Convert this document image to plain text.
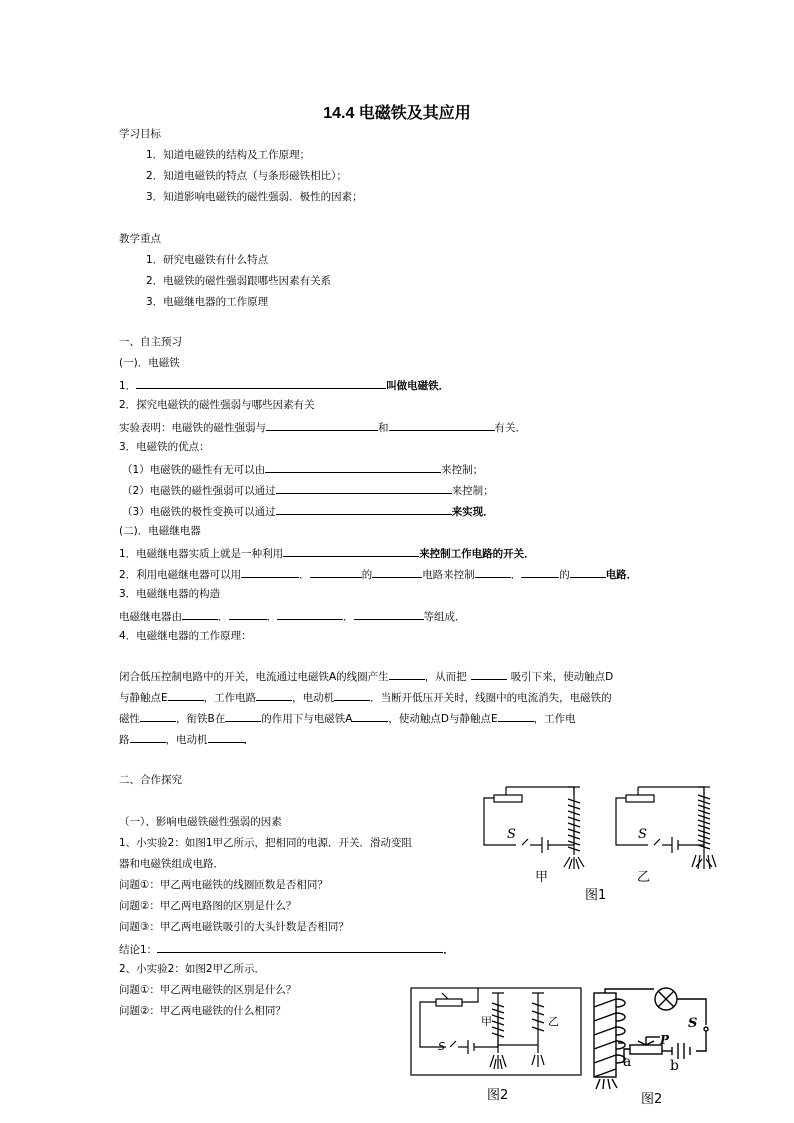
14.4 电磁铁及其应用
学习目标
1．知道电磁铁的结构及工作原理；
2．知道电磁铁的特点（与条形磁铁相比）；
3．知道影响电磁铁的磁性强弱．极性的因素；
教学重点
1．研究电磁铁有什么特点
2．电磁铁的磁性强弱跟哪些因素有关系
3．电磁继电器的工作原理
一、自主预习
(一)．电磁铁
1．	叫做电磁铁．
2．探究电磁铁的磁性强弱与哪些因素有关
实验表明：电磁铁的磁性强弱与	和	有关．
3．电磁铁的优点：
（1）电磁铁的磁性有无可以由	来控制；
（2）电磁铁的磁性强弱可以通过	来控制；
（3）电磁铁的极性变换可以通过	来实现．
(二)．电磁继电器
1．电磁继电器实质上就是一种利用	来控制工作电路的开关．
2．利用电磁继电器可以用	．	的	电路来控制	．	的	电路．
3．电磁继电器的构造
电磁继电器由	．	．	．	等组成．
4．电磁继电器的工作原理：
闭合低压控制电路中的开关，电流通过电磁铁A的线圈产生	，从而把	吸引下来，使动触点D
与静触点E	，工作电路	，电动机	．当断开低压开关时，线圈中的电流消失，电磁铁的
磁性	，衔铁B在	的作用下与电磁铁A	，使动触点D与静触点E	，工作电
路	，电动机	．
二、合作探究
（一）、影响电磁铁磁性强弱的因素
1、小实验2：如图1甲乙所示，把相同的电源．开关．滑动变阻
器和电磁铁组成电路．
问题①：甲乙两电磁铁的线圈匝数是否相同？
问题②：甲乙两电路图的区别是什么？
问题③：甲乙两电磁铁吸引的大头针数是否相同？
结论1：	．
2、小实验2：如图2甲乙所示．
问题①：甲乙两电磁铁的区别是什么？
问题②：甲乙两电磁铁的什么相同？
S	S
甲	乙
图1
S
甲	乙
图2
P
S
a	b
图2
